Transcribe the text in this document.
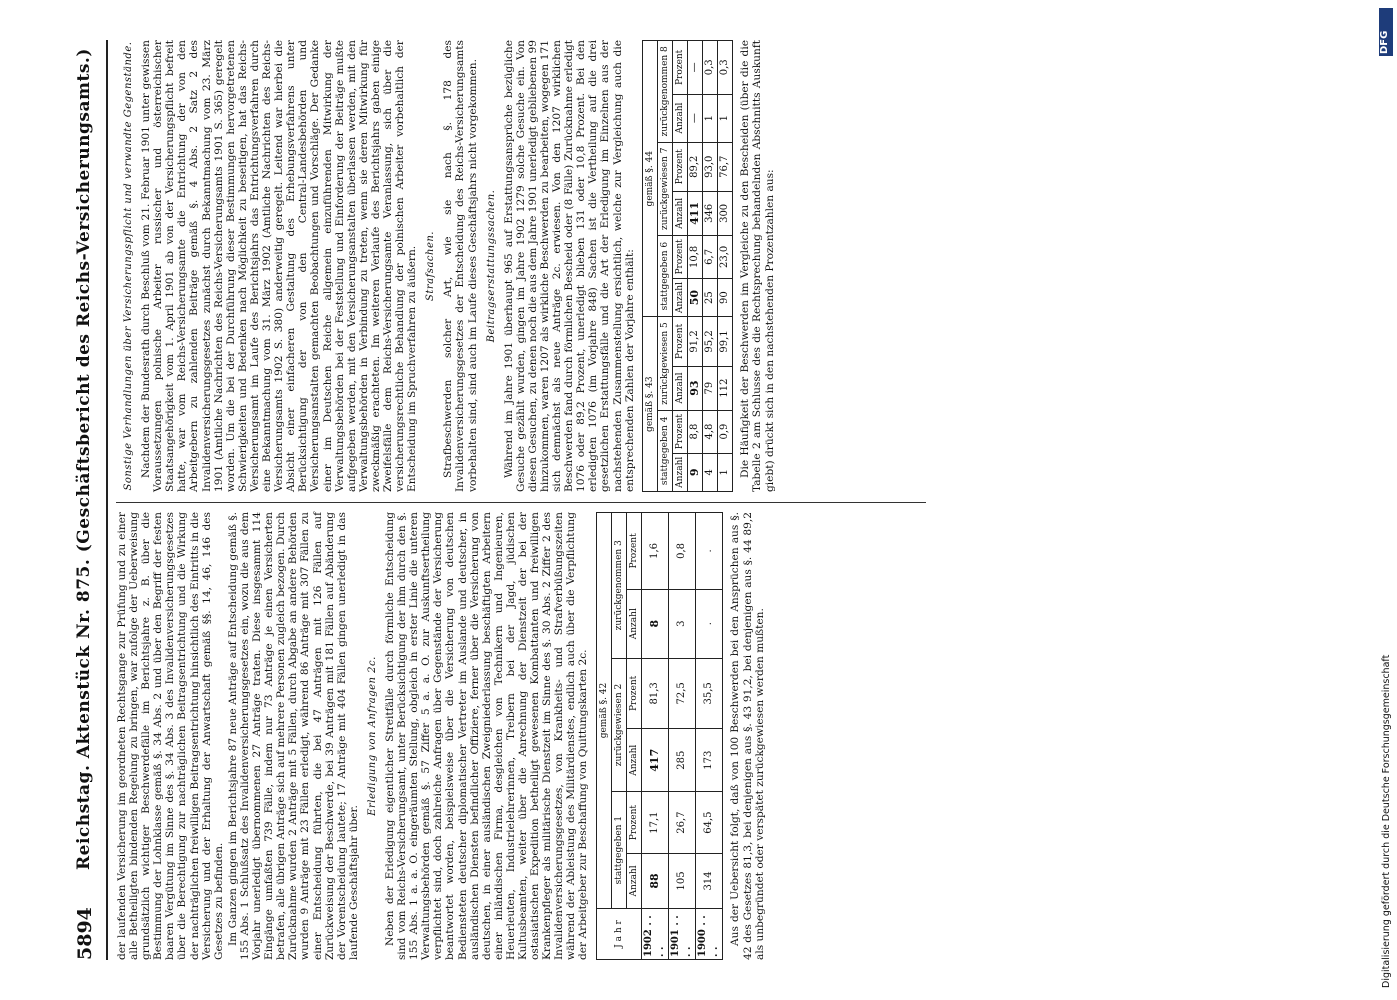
5894
Reichstag. Aktenstück Nr. 875. (Geschäftsbericht des Reichs-Versicherungsamts.) der laufenden Versicherung im geordneten Rechtsgange zur Prüfung und zu einer alle Betheiligten bindenden Regelung zu bringen, war zufolge der Ueberweisung grundsätzlich wichtiger Beschwerdefälle im Berichtsjahre z. B. über die Bestimmung der Lohnklasse gemäß §. 34 Abs. 2 und über den Begriff der festen baaren Vergütung im Sinne des §. 34 Abs. 3 des Invalidenversicherungsgesetzes über die Berechtigung zur nachträglichen Beitragsentrichtung und die Wirkung der nachträglichen freiwilligen Beitragsentrichtung hinsichtlich des Eintritts in die Versicherung und der Erhaltung der Anwartschaft gemäß §§. 14, 46, 146 des Gesetzes zu befinden. Im Ganzen gingen im Berichtsjahre 87 neue Anträge auf Entscheidung gemäß §. 155 Abs. 1 Schlußsatz des Invalidenversicherungsgesetzes ein, wozu die aus dem Vorjahr unerledigt übernommenen 27 Anträge traten. Diese insgesammt 114 Eingänge umfaßten 739 Fälle, indem nur 73 Anträge je einen Versicherten betrafen, alle übrigen Anträge sich auf mehrere Personen zugleich bezogen. Durch Zurücknahme wurden 2 Anträge mit 5 Fällen, durch Abgabe an andere Behörden wurden 9 Anträge mit 23 Fällen erledigt, während 86 Anträge mit 307 Fällen zu einer Entscheidung führten, die bei 47 Anträgen mit 126 Fällen auf Zurückweisung der Beschwerde, bei 39 Anträgen mit 181 Fällen auf Abänderung der Vorentscheidung lautete; 17 Anträge mit 404 Fällen gingen unerledigt in das laufende Geschäftsjahr über.

Erledigung von Anfragen 2c. Neben der Erledigung eigentlicher Streitfälle durch förmliche Entscheidung sind vom Reichs-Versicherungsamt, unter Berücksichtigung der ihm durch den §. 155 Abs. 1 a. a. O. eingeräumten Stellung, obgleich in erster Linie die unteren Verwaltungsbehörden gemäß §. 57 Ziffer 5 a. a. O. zur Auskunftsertheilung verpflichtet sind, doch zahlreiche Anfragen über Gegenstände der Versicherung beantwortet worden, beispielsweise über die Versicherung von deutschen Bediensteten deutscher diplomatischer Vertreter im Auslande und deutscher, in ausländischen Diensten befindlicher Offiziere, ferner über die Versicherung von deutschen, in einer ausländischen Zweigniederlassung beschäftigten Arbeitern einer inländischen Firma, desgleichen von Technikern und Ingenieuren, Heuerleuten, Industrielehrerinnen, Treibern bei der Jagd, jüdischen Kultusbeamten, weiter über die Anrechnung der Dienstzeit der bei der ostasiatischen Expedition betheiligt gewesenen Kombattanten und freiwilligen Krankenpfleger als militärische Dienstzeit im Sinne des §. 30 Abs. 2 Ziffer 2 des Invalidenversicherungsgesetzes, von Krankheits- und Strafverbüßungszeiten während der Ableistung des Militärdienstes, endlich auch über die Verpflichtung der Arbeitgeber zur Beschaffung von Quittungskarten 2c.	J a h r	gemäß §. 42					
	stattgegeben 1		zurückgewiesen 2		zurückgenommen 3	
	Anzahl	Prozent	Anzahl	Prozent	Anzahl	Prozent
1902 . . . .	88	17,1	417	81,3	8	1,6
1901 . . . .	105	26,7	285	72,5	3	0,8
1900 . . . .	314	64,5	173	35,5	.	. Aus der Uebersicht folgt, daß von 100 Beschwerden bei den Ansprüchen aus §. 42 des Gesetzes 81,3, bei denjenigen aus §. 43 91,2, bei denjenigen aus §. 44 89,2 als unbegründet oder verspätet zurückgewiesen werden mußten.

Sonstige Verhandlungen über Versicherungspflicht und verwandte Gegenstände. Nachdem der Bundesrath durch Beschluß vom 21. Februar 1901 unter gewissen Voraussetzungen polnische Arbeiter russischer und österreichischer Staatsangehörigkeit vom 1. April 1901 ab von der Versicherungspflicht befreit hatte, war vom Reichs-Versicherungsamte die Entrichtung der von den Arbeitgebern zu zahlenden Beiträge gemäß §. 4 Abs. 2 Satz 2 des Invalidenversicherungsgesetzes zunächst durch Bekanntmachung vom 23. März 1901 (Amtliche Nachrichten des Reichs-Versicherungsamts 1901 S. 365) geregelt worden. Um die bei der Durchführung dieser Bestimmungen hervorgetretenen Schwierigkeiten und Bedenken nach Möglichkeit zu beseitigen, hat das Reichs-Versicherungsamt im Laufe des Berichtsjahrs das Entrichtungsverfahren durch eine Bekanntmachung vom 31. März 1902 (Amtliche Nachrichten des Reichs-Versicherungsamts 1902 S. 380) anderweitig geregelt. Leitend war hierbei die Absicht einer einfacheren Gestaltung des Erhebungsverfahrens unter Berücksichtigung der von den Central-Landesbehörden und Versicherungsanstalten gemachten Beobachtungen und Vorschläge. Der Gedanke einer im Deutschen Reiche allgemein einzuführenden Mitwirkung der Verwaltungsbehörden bei der Feststellung und Einforderung der Beiträge mußte aufgegeben werden, mit den Versicherungsanstalten überlassen werden, mit den Verwaltungsbehörden in Verbindung zu treten, wenn sie deren Mitwirkung für zweckmäßig erachteten. Im weiteren Verlaufe des Berichtsjahrs gaben einige Zweifelsfälle dem Reichs-Versicherungsamte Veranlassung, sich über die versicherungsrechtliche Behandlung der polnischen Arbeiter vorbehaltlich der Entscheidung im Spruchverfahren zu äußern. Strafsachen. Strafbeschwerden solcher Art, wie sie nach §. 178 des Invalidenversicherungsgesetzes der Entscheidung des Reichs-Versicherungsamts vorbehalten sind, sind auch im Laufe dieses Geschäftsjahrs nicht vorgekommen. Beitragserstattungssachen. Während im Jahre 1901 überhaupt 965 auf Erstattungsansprüche bezügliche Gesuche gezählt wurden, gingen im Jahre 1902 1279 solche Gesuche ein. Von diesen Gesuchen, zu denen noch die aus dem Jahre 1901 unerledigt gebliebenen 99 hinzukommen, waren 1207 als wirkliche Beschwerden zu bearbeiten, wogegen 171 sich demnächst als neue Anträge 2c. erwiesen. Von den 1207 wirklichen Beschwerden fand durch förmlichen Bescheid oder (8 Fälle) Zurücknahme erledigt 1076 oder 89,2 Prozent, unerledigt blieben 131 oder 10,8 Prozent. Bei den erledigten 1076 (im Vorjahre 848) Sachen ist die Vertheilung auf die drei gesetzlichen Erstattungsfälle und die Art der Erledigung im Einzelnen aus der nachstehenden Zusammenstellung ersichtlich, welche zur Vergleichung auch die entsprechenden Zahlen der Vorjahre enthält: gemäß §. 43				gemäß §. 44					
stattgegeben 4		zurückgewiesen 5		stattgegeben 6		zurückgewiesen 7		zurückgenommen 8	
Anzahl	Prozent	Anzahl	Prozent	Anzahl	Prozent	Anzahl	Prozent	Anzahl	Prozent
9	8,8	93	91,2	50	10,8	411	89,2	—	—
4	4,8	79	95,2	25	6,7	346	93,0	1	0,3
1	0,9	112	99,1	90	23,0	300	76,7	1	0,3 Die Häufigkeit der Beschwerden im Vergleiche zu den Bescheiden (über die die Tabelle 2 am Schlusse des die Rechtsprechung behandelnden Abschnitts Auskunft giebt) drückt sich in den nachstehenden Prozentzahlen aus:

Digitalisierung gefördert durch die Deutsche Forschungsgemeinschaft
DFG
